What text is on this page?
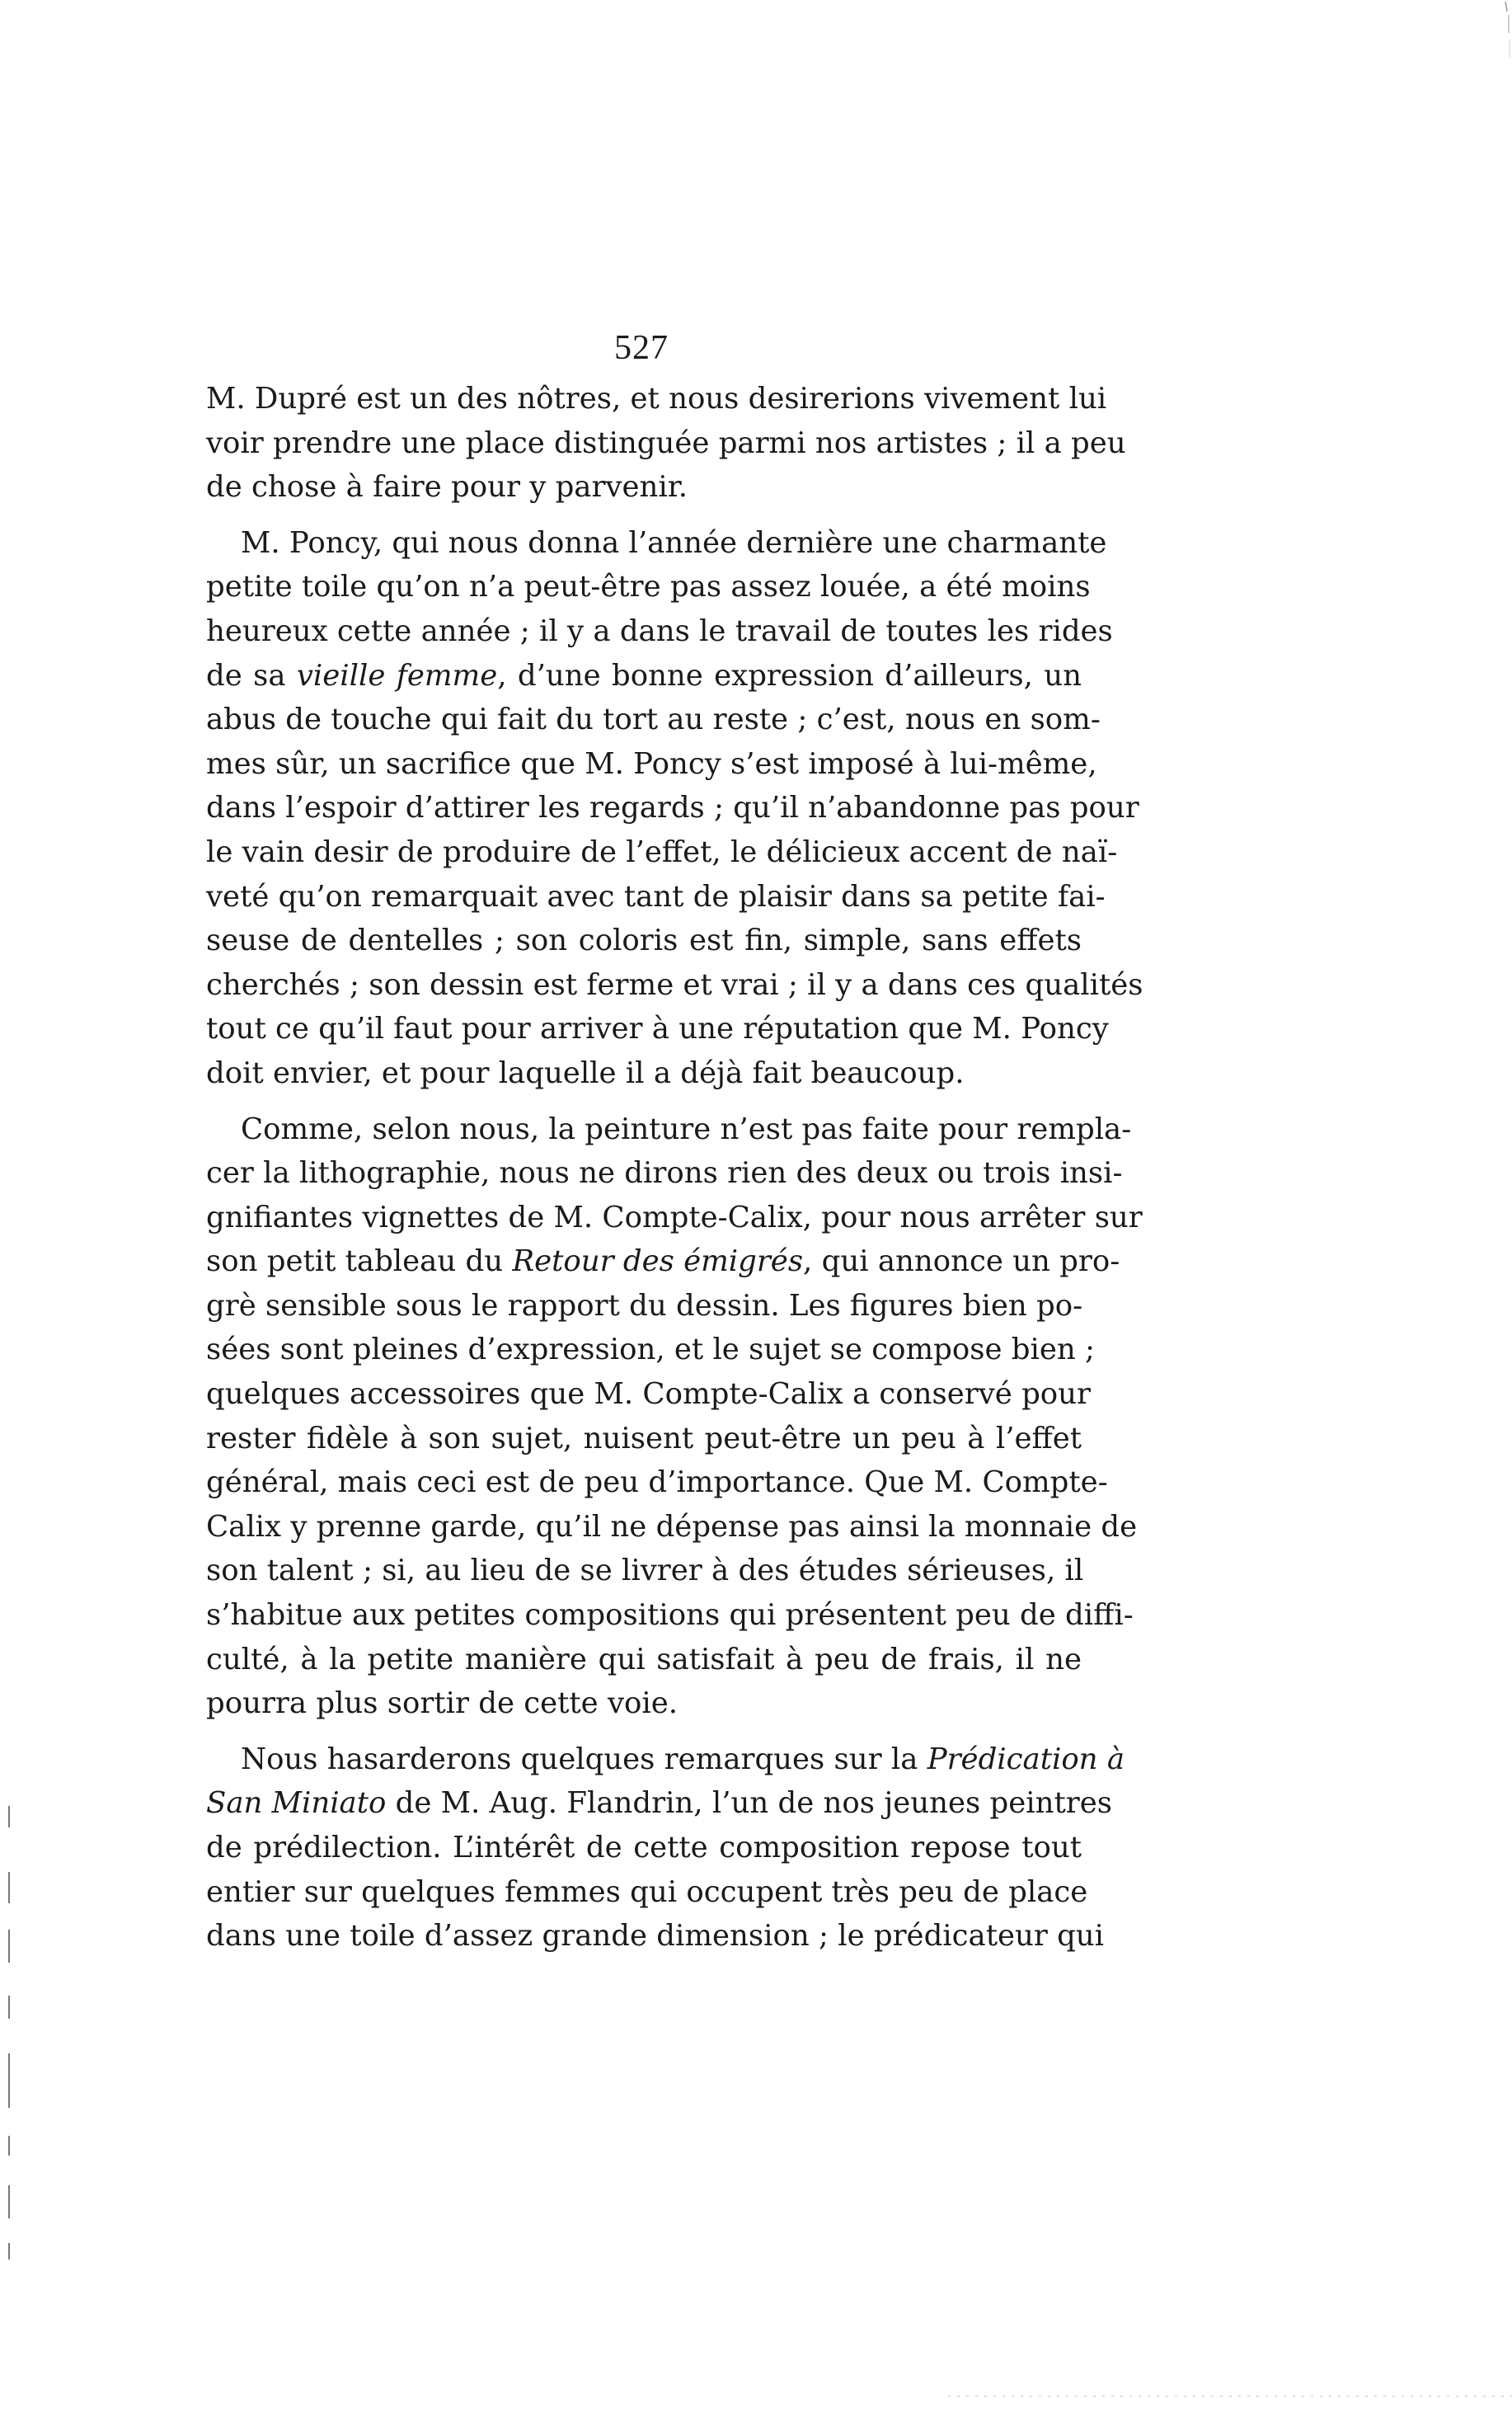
527
M. Dupré est un des nôtres, et nous desirerions vivement lui
voir prendre une place distinguée parmi nos artistes ; il a peu
de chose à faire pour y parvenir.
M. Poncy, qui nous donna l’année dernière une charmante
petite toile qu’on n’a peut-être pas assez louée, a été moins
heureux cette année ; il y a dans le travail de toutes les rides
de sa vieille femme, d’une bonne expression d’ailleurs, un
abus de touche qui fait du tort au reste ; c’est, nous en som-
mes sûr, un sacrifice que M. Poncy s’est imposé à lui-même,
dans l’espoir d’attirer les regards ; qu’il n’abandonne pas pour
le vain desir de produire de l’effet, le délicieux accent de naï-
veté qu’on remarquait avec tant de plaisir dans sa petite fai-
seuse de dentelles ; son coloris est fin, simple, sans effets
cherchés ; son dessin est ferme et vrai ; il y a dans ces qualités
tout ce qu’il faut pour arriver à une réputation que M. Poncy
doit envier, et pour laquelle il a déjà fait beaucoup.
Comme, selon nous, la peinture n’est pas faite pour rempla-
cer la lithographie, nous ne dirons rien des deux ou trois insi-
gnifiantes vignettes de M. Compte-Calix, pour nous arrêter sur
son petit tableau du Retour des émigrés, qui annonce un pro-
grè sensible sous le rapport du dessin. Les figures bien po-
sées sont pleines d’expression, et le sujet se compose bien ;
quelques accessoires que M. Compte-Calix a conservé pour
rester fidèle à son sujet, nuisent peut-être un peu à l’effet
général, mais ceci est de peu d’importance. Que M. Compte-
Calix y prenne garde, qu’il ne dépense pas ainsi la monnaie de
son talent ; si, au lieu de se livrer à des études sérieuses, il
s’habitue aux petites compositions qui présentent peu de diffi-
culté, à la petite manière qui satisfait à peu de frais, il ne
pourra plus sortir de cette voie.
Nous hasarderons quelques remarques sur la Prédication à
San Miniato de M. Aug. Flandrin, l’un de nos jeunes peintres
de prédilection. L’intérêt de cette composition repose tout
entier sur quelques femmes qui occupent très peu de place
dans une toile d’assez grande dimension ; le prédicateur qui
